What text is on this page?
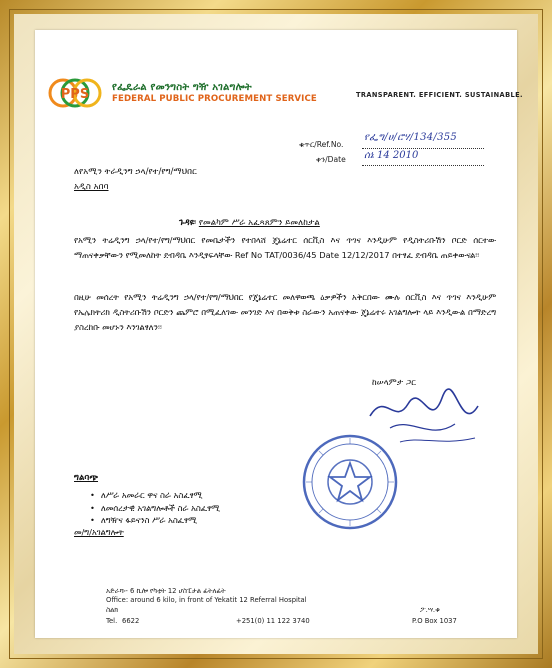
PPS የፌዴራል የመንግስት ግዥ አገልግሎት
FEDERAL PUBLIC PROCUREMENT SERVICE	TRANSPARENT. EFFICIENT. SUSTAINABLE.
ቁጥር/Ref.No.
የፌግ/ሀ/ሮሃ/134/355
ቀን/Date ሰኔ 14 2010
ለየአሚን ትራዲንግ ኃላ/የተ/የግ/ማህበር
አዲስ አበባ
ጉዳዩ፡ የመልካም ሥራ አፈጻጸምን ይመለከታል
የአሚን ትሬዲንግ ኃላ/የተ/የግ/ማህበር የመቤታችን የተበላሸ ጄኔሬተር ሰርቪስ እና ጥገና እንዲሁም የዲስትሪቡሽን ቦርድ ሰርተው ማጠናቀቃቸውን የሚመለከት ደብዳቤ እንዲፃፍላቸው Ref No TAT/0036/45 Date 12/12/2017 በተፃፈ ደብዳቤ ጠይቀውናል፡፡
በዚሁ መሰረት የአሚን ትሬዲንግ ኃላ/የተ/የግ/ማህበር የጄኔሬተር መለዋወጫ ዕቃዎችን አቅርበው ሙሉ ሰርቪስ እና ጥገና እንዲሁም የኤሌክትሪክ ዲስትሪቡሽን ቦርድን ጨምሮ በሚፈለገው መንገድ እና በወቅቱ ስራውን አጠናቀው ጄኔሬተሩ አገልግሎት ላይ እንዲውል በማድረግ ያስረከቡ መሆኑን እንገልፃለን፡፡
ከሠላምታ ጋር
ግልባጭ
• ለሥራ አመራር ዋና ስራ አስፈፃሚ
• ለመሰረታዊ አገልግሎቶች ስራ አስፈፃሚ
• ለግዥና ፋይናንስ ሥራ አስፈፃሚ
መ/ግ/አገልግሎት
አድራሻ፡- 6 ኪሎ የካቲት 12 ሆስፒታል ፊትለፊት
Office: around 6 kilo, in front of Yekatit 12 Referral Hospital
ስልክ
Tel. 6622	+251(0) 11 122 3740
ፖ.ሣ.ቁ
P.O Box 1037
